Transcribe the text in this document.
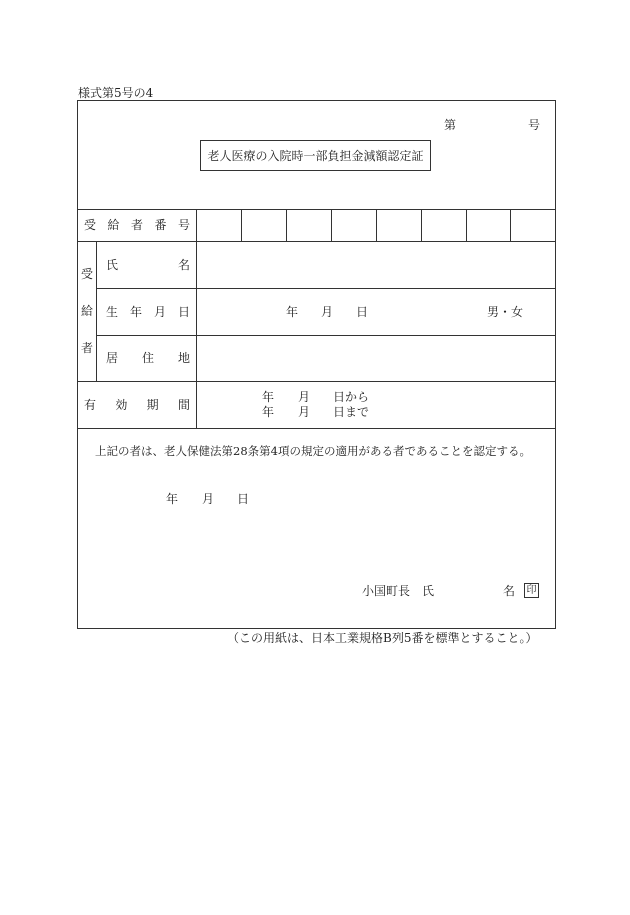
様式第5号の4
第	号
老人医療の入院時一部負担金減額認定証
受 給 者 番 号
受
給
者
氏	名
生 年 月 日	年 月 日	男・女
居 住 地
有 効 期 間
年 月 日から
年 月 日まで
上記の者は、老人保健法第28条第4項の規定の適用がある者であることを認定する。
年 月 日
小国町長　氏	名 印
（この用紙は、日本工業規格B列5番を標準とすること。）
